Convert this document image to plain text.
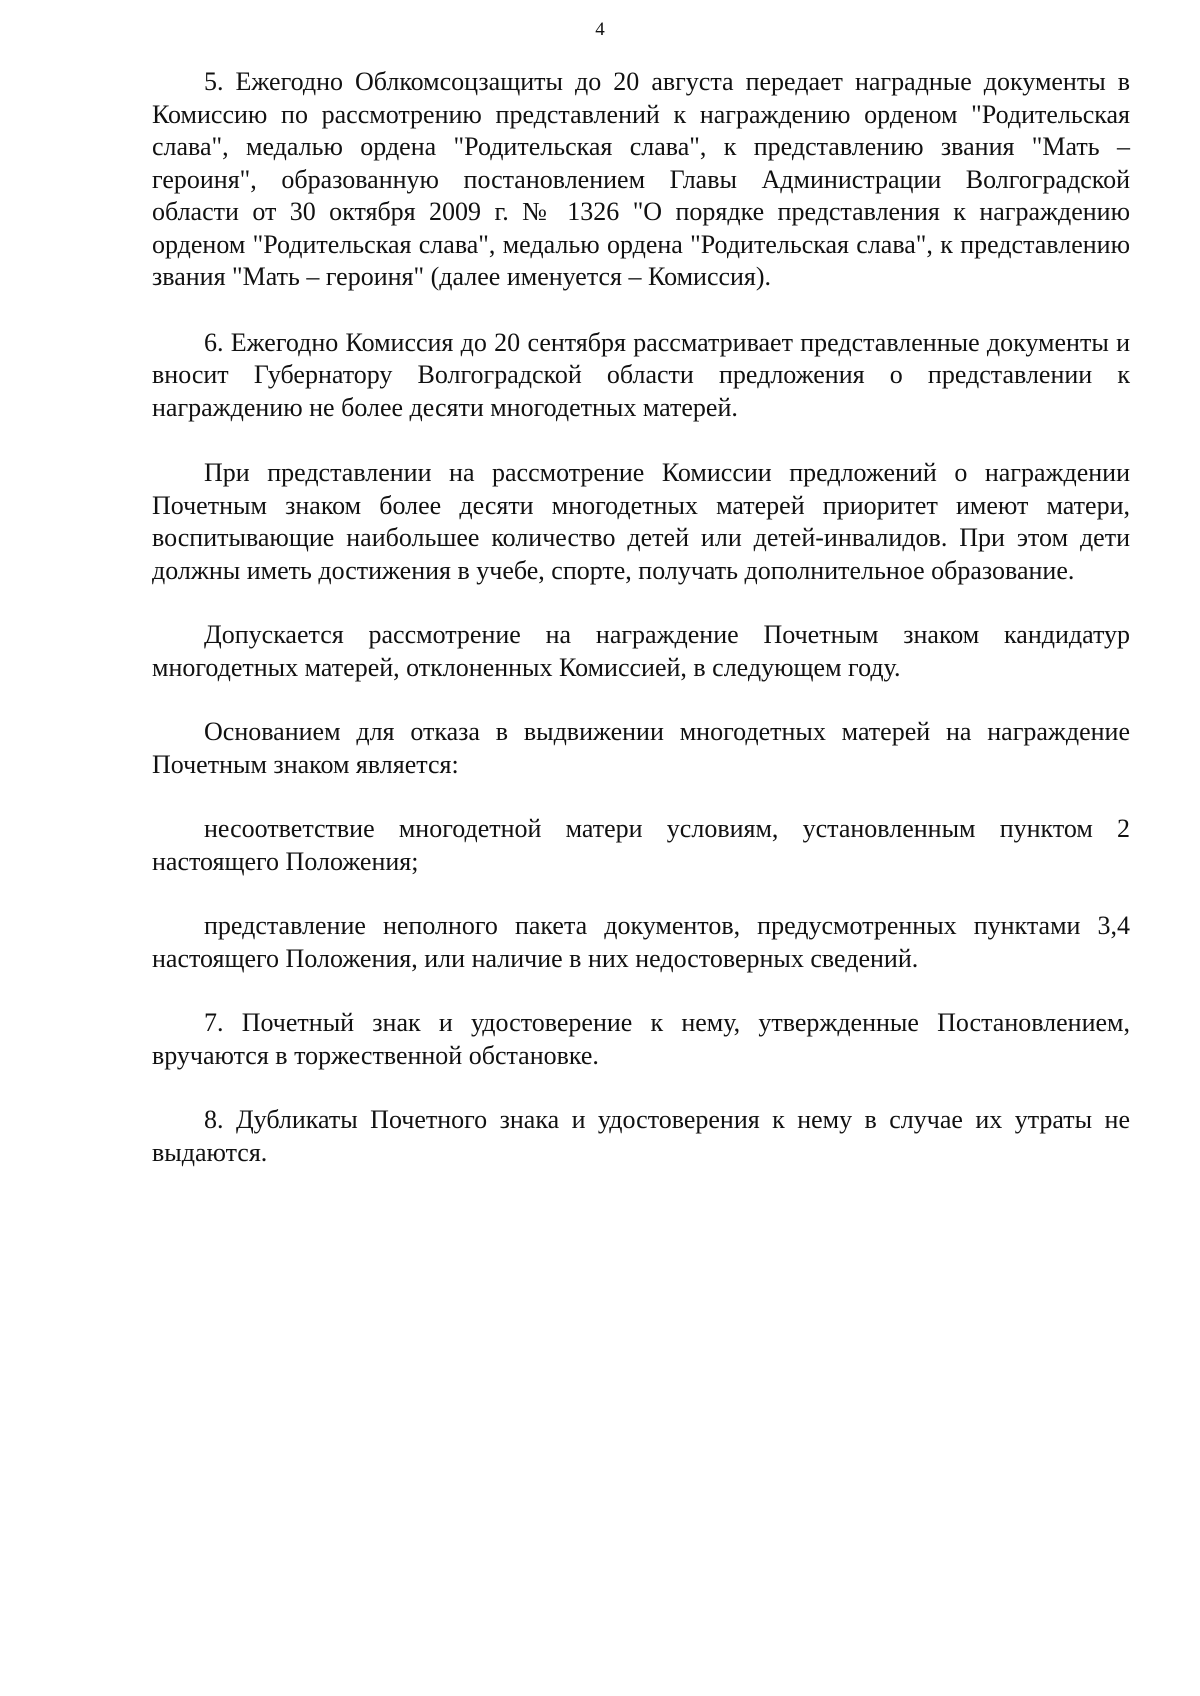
4

5. Ежегодно Облкомсоцзащиты до 20 августа передает наградные документы в Комиссию по рассмотрению представлений к награждению орденом "Родительская слава", медалью ордена "Родительская слава", к представлению звания "Мать – героиня", образованную постановлением Главы Администрации Волгоградской области от 30 октября 2009 г. № 1326 "О порядке представления к награждению орденом "Родительская слава", медалью ордена "Родительская слава", к представлению звания "Мать – героиня" (далее именуется – Комиссия).

6. Ежегодно Комиссия до 20 сентября рассматривает представленные документы и вносит Губернатору Волгоградской области предложения о представлении к награждению не более десяти многодетных матерей.

При представлении на рассмотрение Комиссии предложений о награждении Почетным знаком более десяти многодетных матерей приоритет имеют матери, воспитывающие наибольшее количество детей или детей-инвалидов. При этом дети должны иметь достижения в учебе, спорте, получать дополнительное образование.

Допускается рассмотрение на награждение Почетным знаком кандидатур многодетных матерей, отклоненных Комиссией, в следующем году.

Основанием для отказа в выдвижении многодетных матерей на награждение Почетным знаком является:

несоответствие многодетной матери условиям, установленным пунктом 2 настоящего Положения;

представление неполного пакета документов, предусмотренных пунктами 3,4 настоящего Положения, или наличие в них недостоверных сведений.

7. Почетный знак и удостоверение к нему, утвержденные Постановлением, вручаются в торжественной обстановке.

8. Дубликаты Почетного знака и удостоверения к нему в случае их утраты не выдаются.
